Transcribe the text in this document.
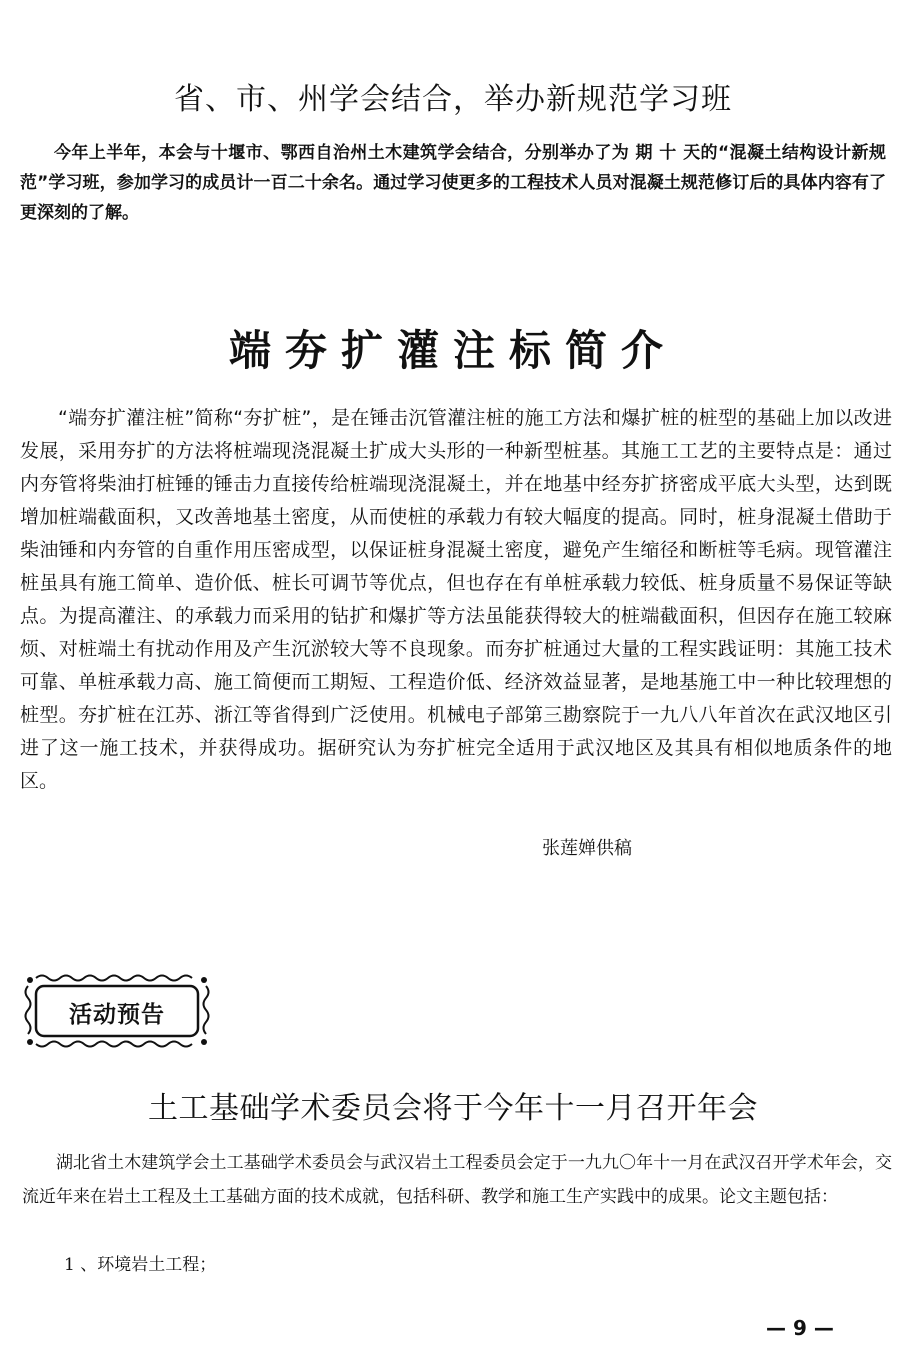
省、市、州学会结合，举办新规范学习班

今年上半年，本会与十堰市、鄂西自治州土木建筑学会结合，分别举办了为 期 十 天的“混凝土结构设计新规范”学习班，参加学习的成员计一百二十余名。通过学习使更多的工程技术人员对混凝土规范修订后的具体内容有了更深刻的了解。

端夯扩灌注标简介

“端夯扩灌注桩”简称“夯扩桩”，是在锤击沉管灌注桩的施工方法和爆扩桩的桩型的基础上加以改进发展，采用夯扩的方法将桩端现浇混凝土扩成大头形的一种新型桩基。其施工工艺的主要特点是：通过内夯管将柴油打桩锤的锤击力直接传给桩端现浇混凝土，并在地基中经夯扩挤密成平底大头型，达到既增加桩端截面积，又改善地基土密度，从而使桩的承载力有较大幅度的提高。同时，桩身混凝土借助于柴油锤和内夯管的自重作用压密成型，以保证桩身混凝土密度，避免产生缩径和断桩等毛病。现管灌注桩虽具有施工简单、造价低、桩长可调节等优点，但也存在有单桩承载力较低、桩身质量不易保证等缺点。为提高灌注、的承载力而采用的钻扩和爆扩等方法虽能获得较大的桩端截面积，但因存在施工较麻烦、对桩端土有扰动作用及产生沉淤较大等不良现象。而夯扩桩通过大量的工程实践证明：其施工技术可靠、单桩承载力高、施工简便而工期短、工程造价低、经济效益显著，是地基施工中一种比较理想的桩型。夯扩桩在江苏、浙江等省得到广泛使用。机械电子部第三勘察院于一九八八年首次在武汉地区引进了这一施工技术，并获得成功。据研究认为夯扩桩完全适用于武汉地区及其具有相似地质条件的地区。

张莲婵供稿
活动预告
土工基础学术委员会将于今年十一月召开年会

湖北省土木建筑学会土工基础学术委员会与武汉岩土工程委员会定于一九九〇年十一月在武汉召开学术年会，交流近年来在岩土工程及土工基础方面的技术成就，包括科研、教学和施工生产实践中的成果。论文主题包括：

1 、环境岩土工程；
— 9 —
